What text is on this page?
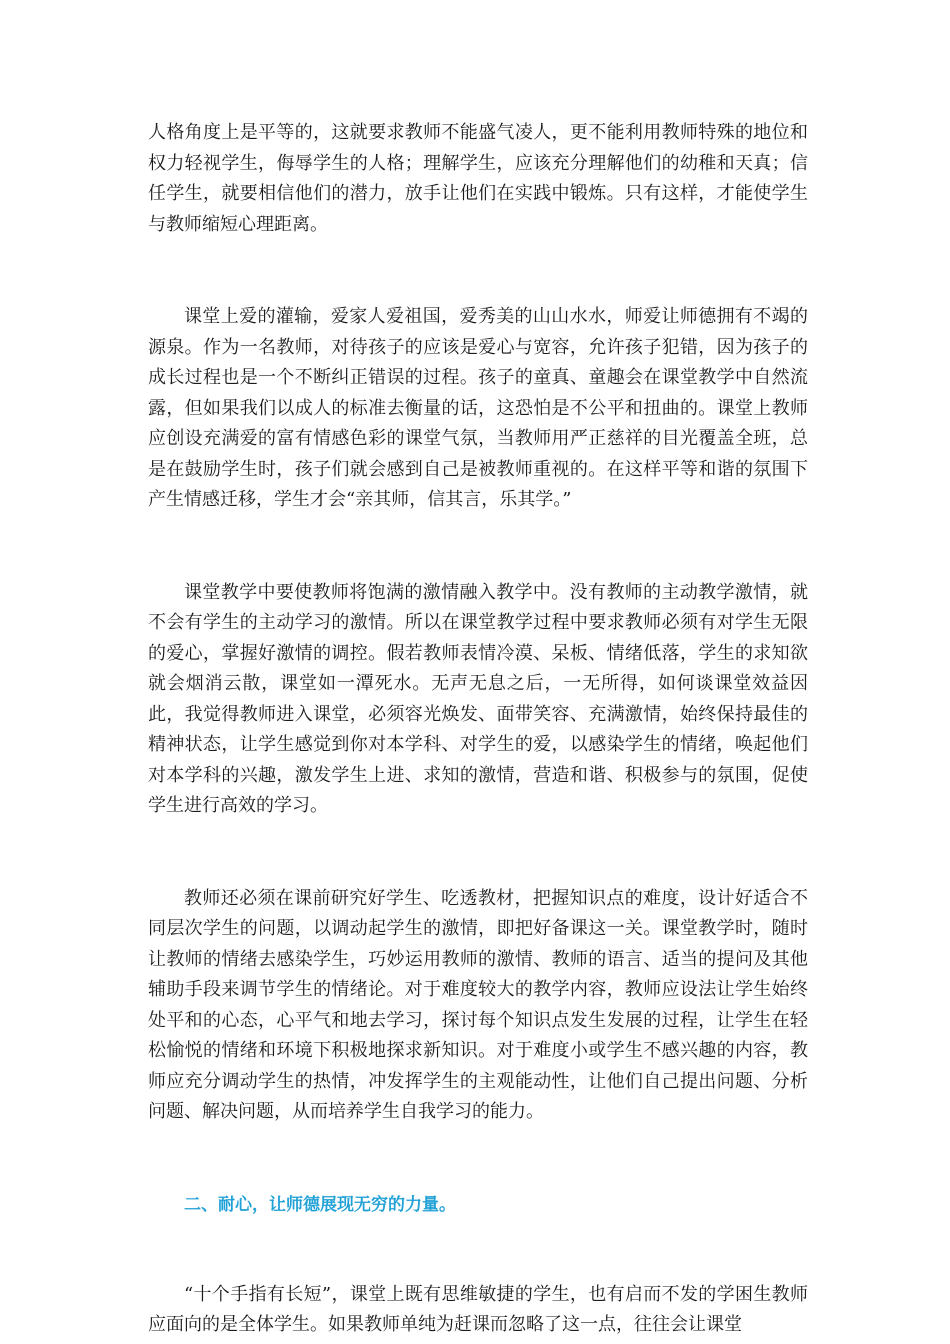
人格角度上是平等的，这就要求教师不能盛气凌人，更不能利用教师特殊的地位和权力轻视学生，侮辱学生的人格；理解学生，应该充分理解他们的幼稚和天真；信任学生，就要相信他们的潜力，放手让他们在实践中锻炼。只有这样，才能使学生与教师缩短心理距离。

课堂上爱的灌输，爱家人爱祖国，爱秀美的山山水水，师爱让师德拥有不竭的源泉。作为一名教师，对待孩子的应该是爱心与宽容，允许孩子犯错，因为孩子的成长过程也是一个不断纠正错误的过程。孩子的童真、童趣会在课堂教学中自然流露，但如果我们以成人的标准去衡量的话，这恐怕是不公平和扭曲的。课堂上教师应创设充满爱的富有情感色彩的课堂气氛，当教师用严正慈祥的目光覆盖全班，总是在鼓励学生时，孩子们就会感到自己是被教师重视的。在这样平等和谐的氛围下产生情感迁移，学生才会“亲其师，信其言，乐其学。”

课堂教学中要使教师将饱满的激情融入教学中。没有教师的主动教学激情，就不会有学生的主动学习的激情。所以在课堂教学过程中要求教师必须有对学生无限的爱心，掌握好激情的调控。假若教师表情冷漠、呆板、情绪低落，学生的求知欲就会烟消云散，课堂如一潭死水。无声无息之后，一无所得，如何谈课堂效益因此，我觉得教师进入课堂，必须容光焕发、面带笑容、充满激情，始终保持最佳的精神状态，让学生感觉到你对本学科、对学生的爱，以感染学生的情绪，唤起他们对本学科的兴趣，激发学生上进、求知的激情，营造和谐、积极参与的氛围，促使学生进行高效的学习。

教师还必须在课前研究好学生、吃透教材，把握知识点的难度，设计好适合不同层次学生的问题，以调动起学生的激情，即把好备课这一关。课堂教学时，随时让教师的情绪去感染学生，巧妙运用教师的激情、教师的语言、适当的提问及其他辅助手段来调节学生的情绪论。对于难度较大的教学内容，教师应设法让学生始终处平和的心态，心平气和地去学习，探讨每个知识点发生发展的过程，让学生在轻松愉悦的情绪和环境下积极地探求新知识。对于难度小或学生不感兴趣的内容，教师应充分调动学生的热情，冲发挥学生的主观能动性，让他们自己提出问题、分析问题、解决问题，从而培养学生自我学习的能力。

二、耐心，让师德展现无穷的力量。

“十个手指有长短”，课堂上既有思维敏捷的学生，也有启而不发的学困生教师应面向的是全体学生。如果教师单纯为赶课而忽略了这一点，往往会让课堂
